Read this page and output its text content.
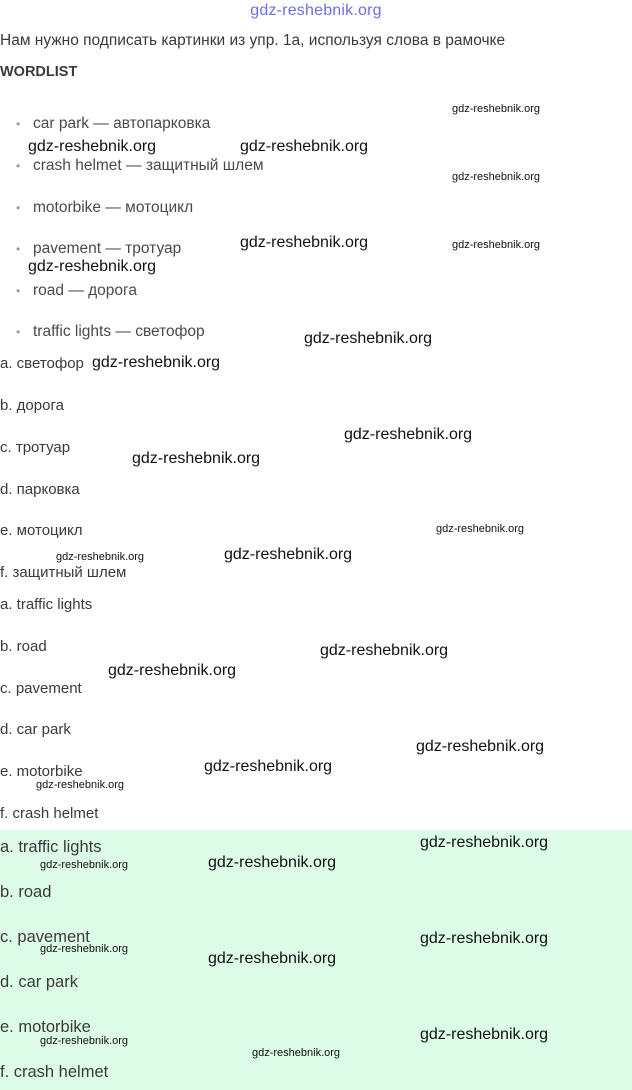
gdz-reshebnik.org
Нам нужно подписать картинки из упр. 1a, используя слова в рамочке
WORDLIST
• car park — автопарковка
• crash helmet — защитный шлем
• motorbike — мотоцикл
• pavement — тротуар
• road — дорога
• traffic lights — светофор
a. светофор
b. дорога
c. тротуар
d. парковка
e. мотоцикл
f. защитный шлем
a. traffic lights
b. road
c. pavement
d. car park
e. motorbike
f. crash helmet
a. traffic lights
b. road
c. pavement
d. car park
e. motorbike
f. crash helmet
gdz-reshebnik.org
gdz-reshebnik.org	gdz-reshebnik.org
gdz-reshebnik.org
gdz-reshebnik.org	gdz-reshebnik.org
gdz-reshebnik.org
gdz-reshebnik.org
gdz-reshebnik.org
gdz-reshebnik.org
gdz-reshebnik.org
gdz-reshebnik.org
gdz-reshebnik.org	gdz-reshebnik.org
gdz-reshebnik.org
gdz-reshebnik.org
gdz-reshebnik.org
gdz-reshebnik.org
gdz-reshebnik.org
gdz-reshebnik.org
gdz-reshebnik.org
gdz-reshebnik.org
gdz-reshebnik.org
gdz-reshebnik.org
gdz-reshebnik.org
gdz-reshebnik.org
gdz-reshebnik.org
gdz-reshebnik.org
